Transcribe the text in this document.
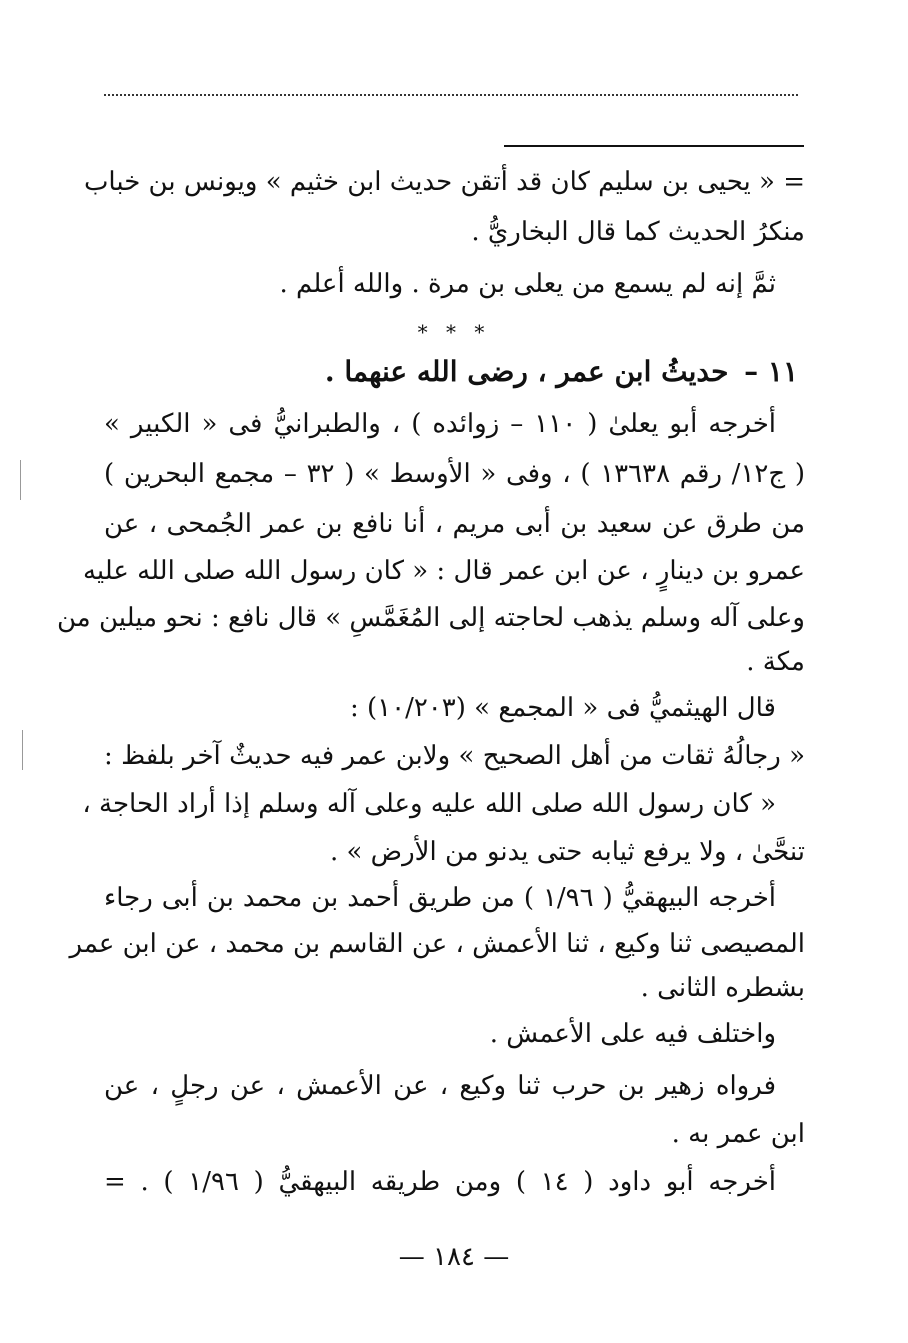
= « يحيى بن سليم كان قد أتقن حديث ابن خثيم » ويونس بن خباب
منكرُ الحديث كما قال البخاريُّ .
ثمَّ إنه لم يسمع من يعلى بن مرة . والله أعلم .
* * *
١١ – حديثُ ابن عمر ، رضى الله عنهما .
أخرجه أبو يعلىٰ ( ١١٠ – زوائده ) ، والطبرانيُّ فى « الكبير »
( ج١٢/ رقم ١٣٦٣٨ ) ، وفى « الأوسط » ( ٣٢ – مجمع البحرين )
من طرق عن سعيد بن أبى مريم ، أنا نافع بن عمر الجُمحى ، عن
عمرو بن دينارٍ ، عن ابن عمر قال : « كان رسول الله صلى الله عليه
وعلى آله وسلم يذهب لحاجته إلى المُغَمَّسِ » قال نافع : نحو ميلين من
مكة .
قال الهيثميُّ فى « المجمع » (١٠/٢٠٣) :
« رجالُهُ ثقات من أهل الصحيح » ولابن عمر فيه حديثٌ آخر بلفظ :
« كان رسول الله صلى الله عليه وعلى آله وسلم إذا أراد الحاجة ،
تنحَّىٰ ، ولا يرفع ثيابه حتى يدنو من الأرض » .
أخرجه البيهقيُّ ( ١/٩٦ ) من طريق أحمد بن محمد بن أبى رجاء
المصيصى ثنا وكيع ، ثنا الأعمش ، عن القاسم بن محمد ، عن ابن عمر
بشطره الثانى .
واختلف فيه على الأعمش .
فرواه زهير بن حرب ثنا وكيع ، عن الأعمش ، عن رجلٍ ، عن
ابن عمر به .
أخرجه أبو داود ( ١٤ ) ومن طريقه البيهقيُّ ( ١/٩٦ ) . =
— ١٨٤ —
